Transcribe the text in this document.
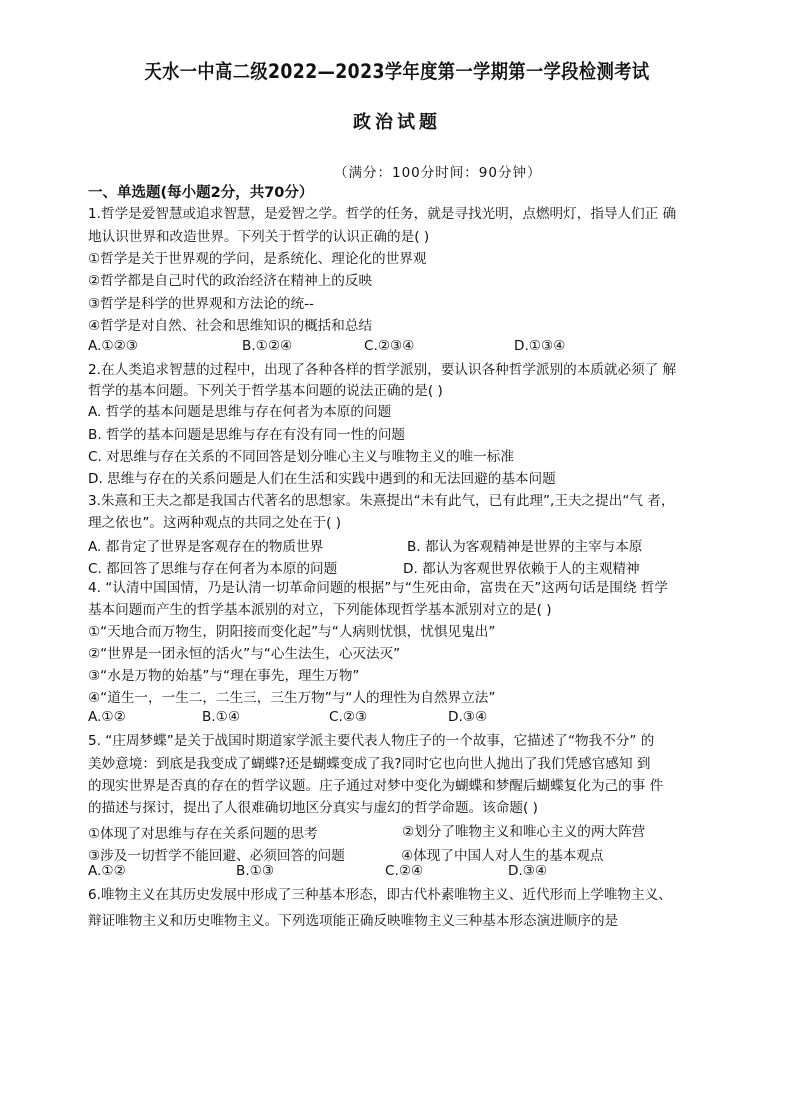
天水一中高二级2022—2023学年度第一学期第一学段检测考试
政治试题
（满分：100分时间：90分钟）
一、单选题(每小题2分，共70分）
1.哲学是爱智慧或追求智慧，是爱智之学。哲学的任务，就是寻找光明，点燃明灯，指导人们正 确
地认识世界和改造世界。下列关于哲学的认识正确的是( )
①哲学是关于世界观的学问，是系统化、理论化的世界观
②哲学都是自己时代的政治经济在精神上的反映
③哲学是科学的世界观和方法论的统--
④哲学是对自然、社会和思维知识的概括和总结
A.①②③	B.①②④	C.②③④	D.①③④
2.在人类追求智慧的过程中，出现了各种各样的哲学派别，要认识各种哲学派别的本质就必须了 解
哲学的基本问题。下列关于哲学基本问题的说法正确的是( )
A. 哲学的基本问题是思维与存在何者为本原的问题
B. 哲学的基本问题是思维与存在有没有同一性的问题
C. 对思维与存在关系的不同回答是划分唯心主义与唯物主义的唯一标准
D. 思维与存在的关系问题是人们在生活和实践中遇到的和无法回避的基本问题
3.朱熹和王夫之都是我国古代著名的思想家。朱熹提出“未有此气，已有此理”,王夫之提出“气 者，
理之依也”。这两种观点的共同之处在于( )
A. 都肯定了世界是客观存在的物质世界	B. 都认为客观精神是世界的主宰与本原
C. 都回答了思维与存在何者为本原的问题	D. 都认为客观世界依赖于人的主观精神
4. “认清中国国情，乃是认清一切革命问题的根据”与“生死由命，富贵在天”这两句话是围绕 哲学
基本问题而产生的哲学基本派别的对立，下列能体现哲学基本派别对立的是( )
①“天地合而万物生，阴阳接而变化起”与“人病则忧惧，忧惧见鬼出”
②“世界是一团永恒的活火”与“心生法生，心灭法灭”
③“水是万物的始基”与“理在事先，理生万物”
④“道生一，一生二，二生三，三生万物”与“人的理性为自然界立法”
A.①②	B.①④	C.②③	D.③④
5. “庄周梦蝶”是关于战国时期道家学派主要代表人物庄子的一个故事，它描述了“物我不分” 的
美妙意境：到底是我变成了蝴蝶?还是蝴蝶变成了我?同时它也向世人抛出了我们凭感官感知 到
的现实世界是否真的存在的哲学议题。庄子通过对梦中变化为蝴蝶和梦醒后蝴蝶复化为己的事 件
的描述与探讨，提出了人很难确切地区分真实与虚幻的哲学命题。该命题( )
①体现了对思维与存在关系问题的思考	②划分了唯物主义和唯心主义的两大阵营
③涉及一切哲学不能回避、必须回答的问题	④体现了中国人对人生的基本观点
A.①②	B.①③	C.②④	D.③④
6.唯物主义在其历史发展中形成了三种基本形态，即古代朴素唯物主义、近代形而上学唯物主义、
辩证唯物主义和历史唯物主义。下列选项能正确反映唯物主义三种基本形态演进顺序的是
